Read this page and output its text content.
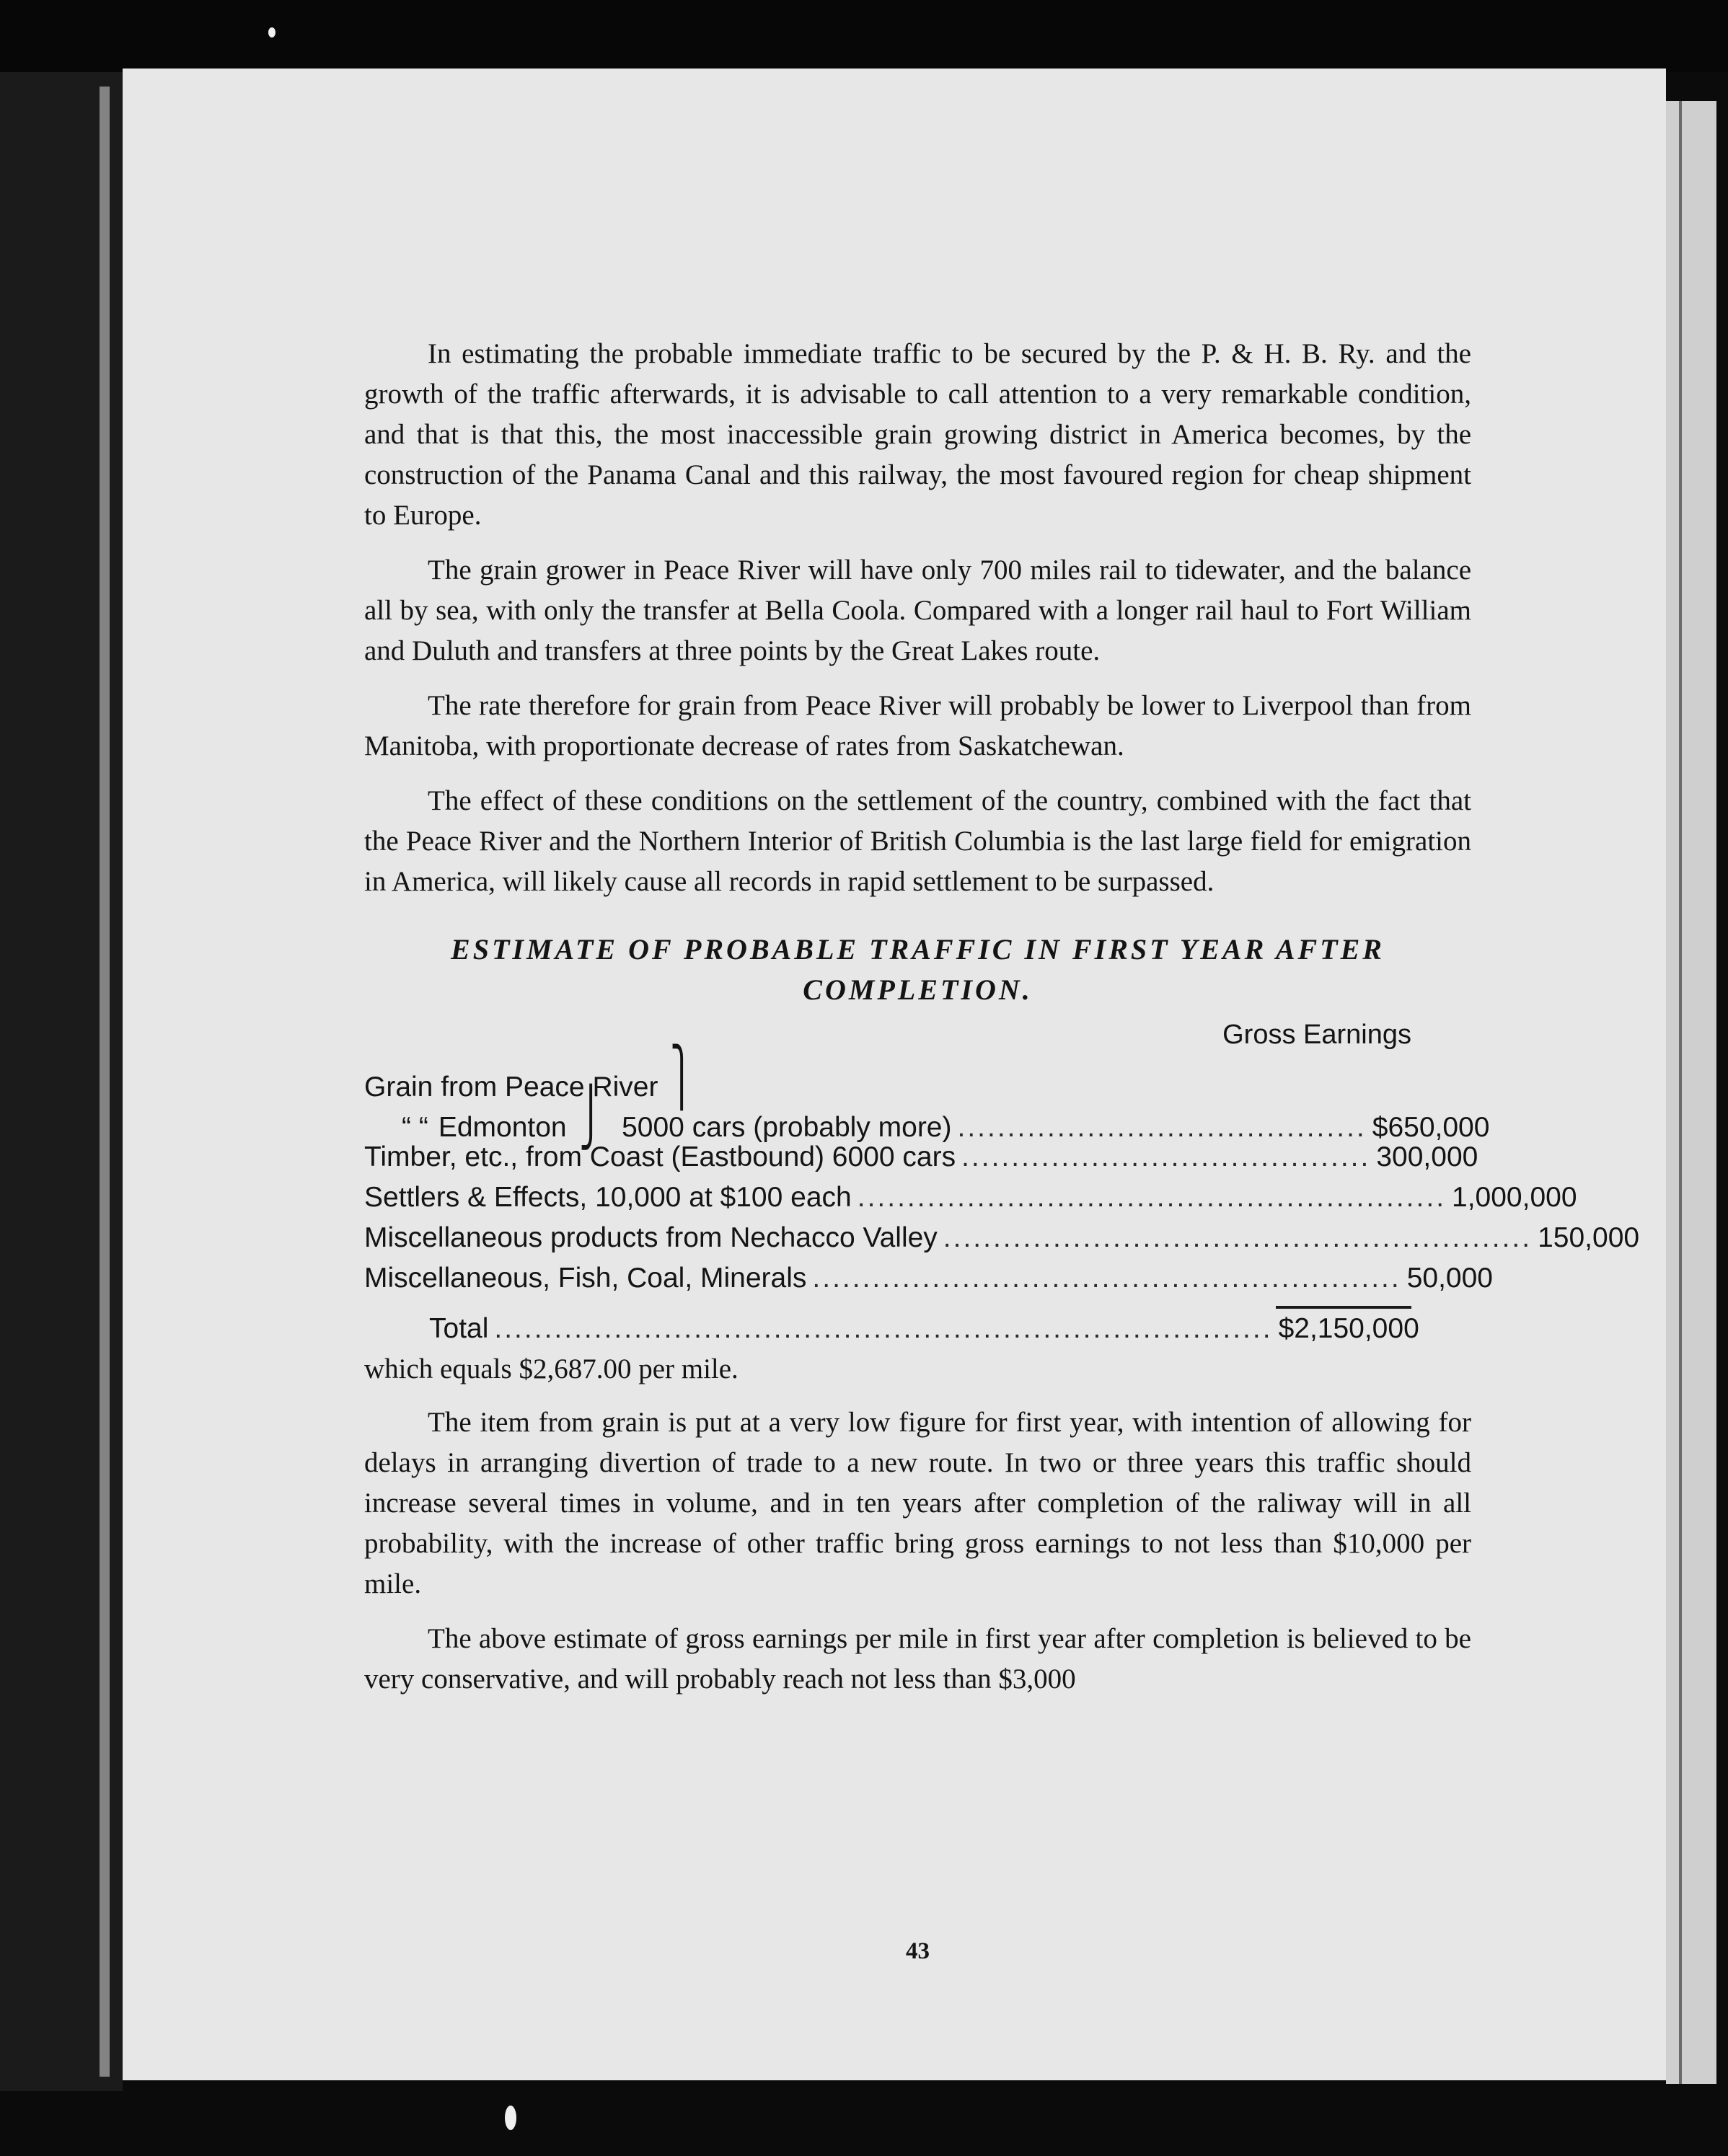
In estimating the probable immediate traffic to be secured by the P. & H. B. Ry. and the growth of the traffic afterwards, it is advisable to call attention to a very remarkable condition, and that is that this, the most inaccessible grain growing district in America becomes, by the construction of the Panama Canal and this railway, the most favoured region for cheap shipment to Europe.

The grain grower in Peace River will have only 700 miles rail to tidewater, and the balance all by sea, with only the transfer at Bella Coola. Compared with a longer rail haul to Fort William and Duluth and transfers at three points by the Great Lakes route.

The rate therefore for grain from Peace River will probably be lower to Liverpool than from Manitoba, with proportionate decrease of rates from Saskatchewan.

The effect of these conditions on the settlement of the country, combined with the fact that the Peace River and the Northern Interior of British Columbia is the last large field for emigration in America, will likely cause all records in rapid settlement to be surpassed.

ESTIMATE OF PROBABLE TRAFFIC IN FIRST YEAR AFTER COMPLETION.
Gross Earnings
Grain from Peace River ⎫
“ “ Edmonton ⎭ 5000 cars (probably more) ......................................... $ 650,000
Timber, etc., from Coast (Eastbound) 6000 cars ......................................... 300,000
Settlers & Effects, 10,000 at $100 each ........................................................... 1,000,000
Miscellaneous products from Nechacco Valley ........................................................... 150,000
Miscellaneous, Fish, Coal, Minerals ........................................................... 50,000
Total .............................................................................. $2,150,000

which equals $2,687.00 per mile.

The item from grain is put at a very low figure for first year, with intention of allowing for delays in arranging divertion of trade to a new route. In two or three years this traffic should increase several times in volume, and in ten years after completion of the raliway will in all probability, with the increase of other traffic bring gross earnings to not less than $10,000 per mile.

The above estimate of gross earnings per mile in first year after completion is believed to be very conservative, and will probably reach not less than $3,000

43
